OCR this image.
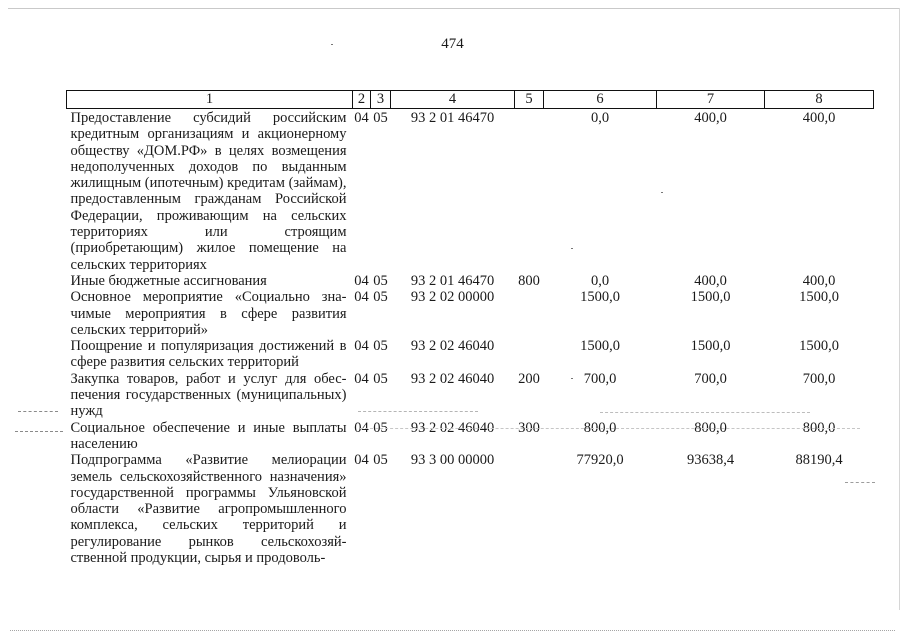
474
1	2	3	4	5	6	7	8
Предоставление субсидий российским кредитным организациям и акционерному обществу «ДОМ.РФ» в целях возмещения недополученных доходов по выданным жилищным (ипотечным) кредитам (займам), предоставленным гражданам Российской Федерации, проживающим на сельских территориях или строящим (приобретающим) жилое помещение на сельских территориях	04	05	93 2 01 46470		0,0	400,0	400,0
Иные бюджетные ассигнования	04	05	93 2 01 46470	800	0,0	400,0	400,0
Основное мероприятие «Социально значимые мероприятия в сфере развития сельских территорий»	04	05	93 2 02 00000		1500,0	1500,0	1500,0
Поощрение и популяризация достижений в сфере развития сельских территорий	04	05	93 2 02 46040		1500,0	1500,0	1500,0
Закупка товаров, работ и услуг для обеспечения государственных (муниципальных) нужд	04	05	93 2 02 46040	200	700,0	700,0	700,0
Социальное обеспечение и иные выплаты населению	04	05	93 2 02 46040	300	800,0	800,0	800,0
Подпрограмма «Развитие мелиорации земель сельскохозяйственного назначения» государственной программы Ульяновской области «Развитие агропромышленного комплекса, сельских территорий и регулирование рынков сельскохозяйственной продукции, сырья и продоволь-	04	05	93 3 00 00000		77920,0	93638,4	88190,4
